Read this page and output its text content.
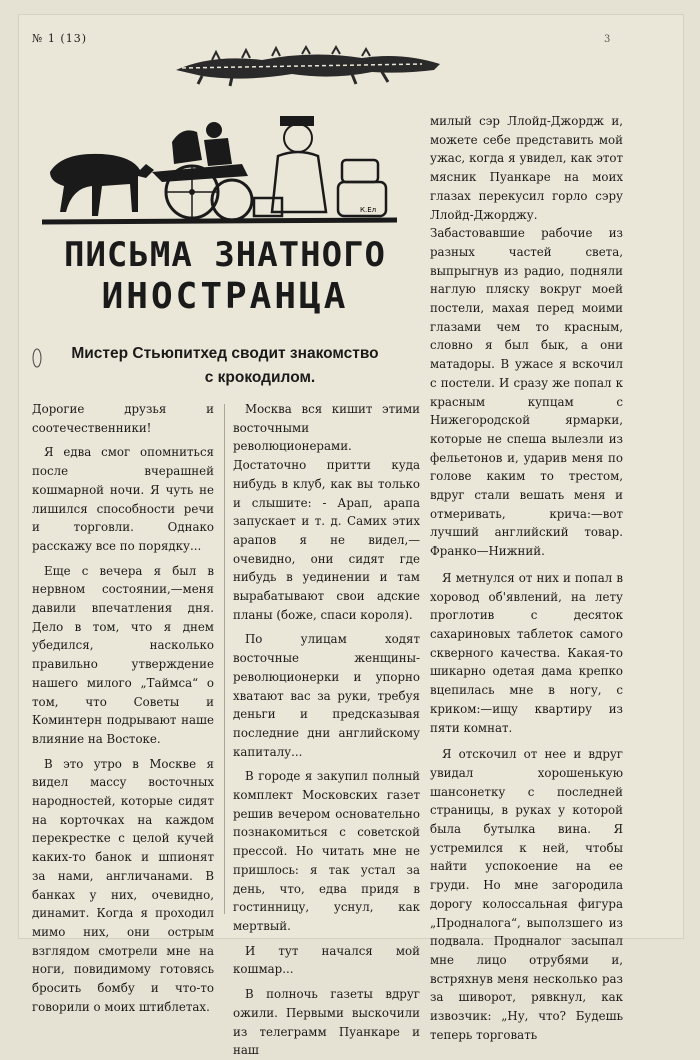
№ 1 (13)	3
К.Ел
ПИСЬМА ЗНАТНОГО
ИНОСТРАНЦА
Мистер Стьюпитхед сводит знакомство
с крокодилом.

Дорогие друзья и соотечественники!

Я едва смог опомниться после вчерашней кошмарной ночи. Я чуть не лишился способности речи и торговли. Однако расскажу все по порядку...

Еще с вечера я был в нервном состоянии,—меня давили впечатления дня. Дело в том, что я днем убедился, насколько правильно утверждение нашего милого „Таймса“ о том, что Советы и Коминтерн подрывают наше влияние на Востоке.

В это утро в Москве я видел массу восточных народностей, которые сидят на корточках на каждом перекрестке с целой кучей каких-то банок и шпионят за нами, англичанами. В банках у них, очевидно, динамит. Когда я проходил мимо них, они острым взглядом смотрели мне на ноги, повидимому готовясь бросить бомбу и что-то говорили о моих штиблетах.

Москва вся кишит этими восточными революционерами. Достаточно притти куда нибудь в клуб, как вы только и слышите: - Арап, арапа запускает и т. д. Самих этих арапов я не видел,—очевидно, они сидят где нибудь в уединении и там вырабатывают свои адские планы (боже, спаси короля).

По улицам ходят восточные женщины-революционерки и упорно хватают вас за руки, требуя деньги и предсказывая последние дни английскому капиталу...

В городе я закупил полный комплект Московских газет решив вечером основательно познакомиться с советской прессой. Но читать мне не пришлось: я так устал за день, что, едва придя в гостинницу, уснул, как мертвый.

И тут начался мой кошмар...

В полночь газеты вдруг ожили. Первыми выскочили из телеграмм Пуанкаре и наш

милый сэр Ллойд-Джордж и, можете себе представить мой ужас, когда я увидел, как этот мясник Пуанкаре на моих глазах перекусил горло сэру Ллойд-Джорджу. Забастовавшие рабочие из разных частей света, выпрыгнув из радио, подняли наглую пляску вокруг моей постели, махая перед моими глазами чем то красным, словно я был бык, а они матадоры. В ужасе я вскочил с постели. И сразу же попал к красным купцам с Нижегородской ярмарки, которые не спеша вылезли из фельетонов и, ударив меня по голове каким то трестом, вдруг стали вешать меня и отмеривать, крича:—вот лучший английский товар. Франко—Нижний.

Я метнулся от них и попал в хоровод об'явлений, на лету проглотив с десяток сахариновых таблеток самого скверного качества. Какая-то шикарно одетая дама крепко вцепилась мне в ногу, с криком:—ищу квартиру из пяти комнат.

Я отскочил от нее и вдруг увидал хорошенькую шансонетку с последней страницы, в руках у которой была бутылка вина. Я устремился к ней, чтобы найти успокоение на ее груди. Но мне загородила дорогу колоссальная фигура „Продналога“, выползшего из подвала. Продналог засыпал мне лицо отрубями и, встряхнув меня несколько раз за шиворот, рявкнул, как извозчик: „Ну, что? Будешь теперь торговать
